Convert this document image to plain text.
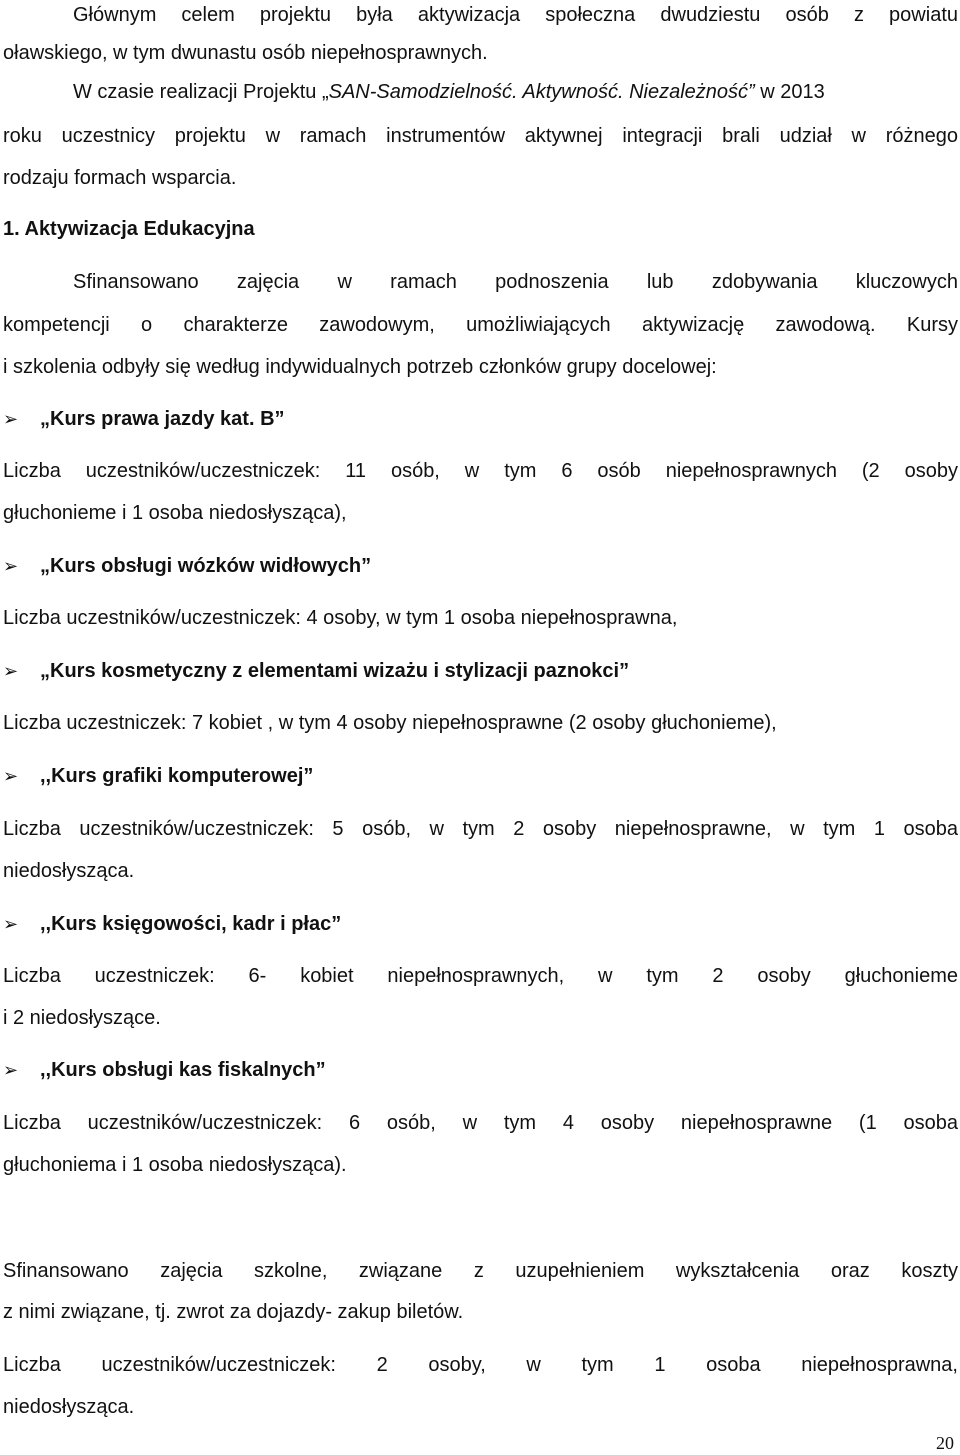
Głównym celem projektu była aktywizacja społeczna dwudziestu osób z powiatu
oławskiego, w tym dwunastu osób niepełnosprawnych.
W czasie realizacji Projektu „SAN-Samodzielność. Aktywność. Niezależność” w 2013
roku uczestnicy projektu w ramach instrumentów aktywnej integracji brali udział w różnego
rodzaju formach wsparcia.
1. Aktywizacja Edukacyjna
Sfinansowano zajęcia w ramach podnoszenia lub zdobywania kluczowych
kompetencji o charakterze zawodowym, umożliwiających aktywizację zawodową. Kursy
i szkolenia odbyły się według indywidualnych potrzeb członków grupy docelowej:
➢ „Kurs prawa jazdy kat. B”
Liczba uczestników/uczestniczek: 11 osób, w tym 6 osób niepełnosprawnych (2 osoby
głuchonieme i 1 osoba niedosłysząca),
➢ „Kurs obsługi wózków widłowych”
Liczba uczestników/uczestniczek: 4 osoby, w tym 1 osoba niepełnosprawna,
➢ „Kurs kosmetyczny z elementami wizażu i stylizacji paznokci”
Liczba uczestniczek: 7 kobiet , w tym 4 osoby niepełnosprawne (2 osoby głuchonieme),
➢ ,,Kurs grafiki komputerowej”
Liczba uczestników/uczestniczek: 5 osób, w tym 2 osoby niepełnosprawne, w tym 1 osoba
niedosłysząca.
➢ ,,Kurs księgowości, kadr i płac”
Liczba uczestniczek: 6- kobiet niepełnosprawnych, w tym 2 osoby głuchonieme
i 2 niedosłyszące.
➢ ,,Kurs obsługi kas fiskalnych”
Liczba uczestników/uczestniczek: 6 osób, w tym 4 osoby niepełnosprawne (1 osoba
głuchoniema i 1 osoba niedosłysząca).
Sfinansowano zajęcia szkolne, związane z uzupełnieniem wykształcenia oraz koszty
z nimi związane, tj. zwrot za dojazdy- zakup biletów.
Liczba uczestników/uczestniczek: 2 osoby, w tym 1 osoba niepełnosprawna,
niedosłysząca.
20
